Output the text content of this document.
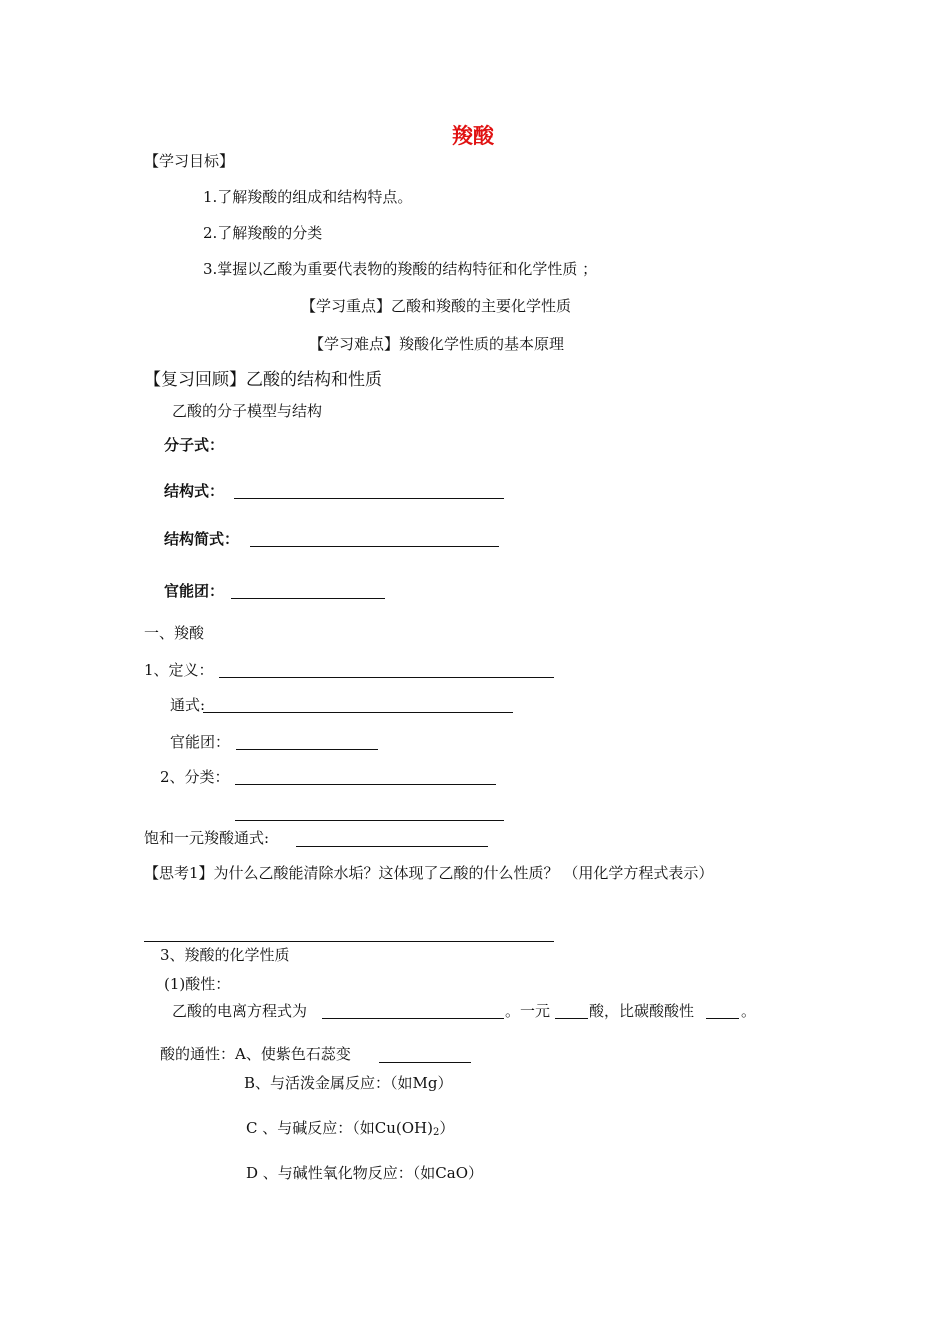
羧酸
【学习目标】
1.了解羧酸的组成和结构特点。
2.了解羧酸的分类
3.掌握以乙酸为重要代表物的羧酸的结构特征和化学性质 ；
【学习重点】乙酸和羧酸的主要化学性质
【学习难点】羧酸化学性质的基本原理
【复习回顾】乙酸的结构和性质
乙酸的分子模型与结构
分子式：
结构式：
结构简式：
官能团：
一、羧酸
1、定义：
通式:
官能团：
2、分类：
饱和一元羧酸通式:
【思考1】为什么乙酸能清除水垢？这体现了乙酸的什么性质？ （用化学方程式表示）
3、羧酸的化学性质
(1)酸性：
乙酸的电离方程式为	。一元	酸，比碳酸酸性	。
酸的通性：A、使紫色石蕊变
B、与活泼金属反应：（如Mg）
C 、与碱反应：（如$Cu(OH)_2$）
D 、与碱性氧化物反应：（如CaO）
